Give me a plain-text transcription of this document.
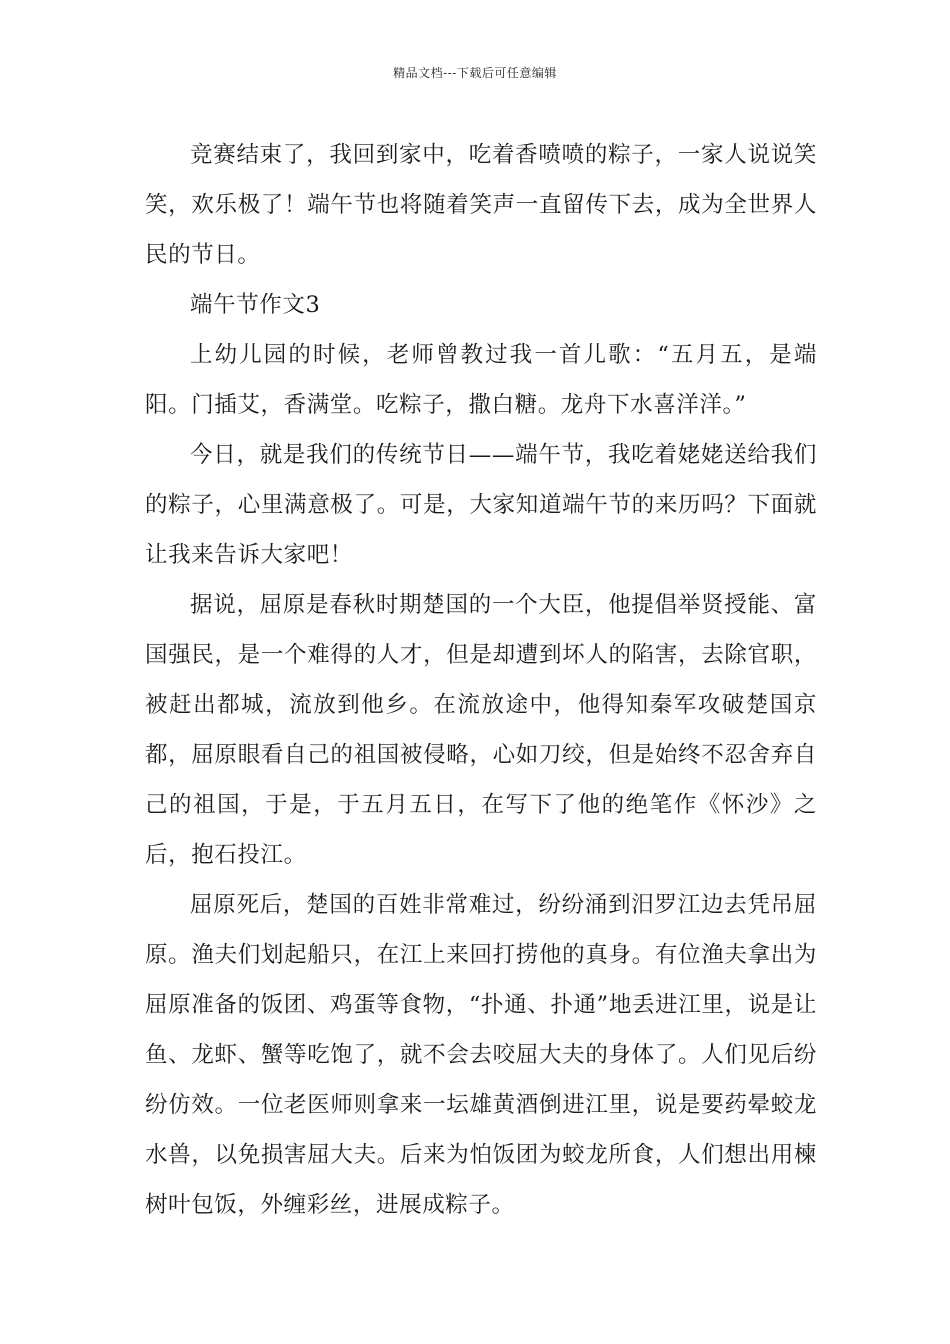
精品文档---下载后可任意编辑

竞赛结束了，我回到家中，吃着香喷喷的粽子，一家人说说笑笑，欢乐极了！端午节也将随着笑声一直留传下去，成为全世界人民的节日。

端午节作文3

上幼儿园的时候，老师曾教过我一首儿歌：“五月五，是端阳。门插艾，香满堂。吃粽子，撒白糖。龙舟下水喜洋洋。”

今日，就是我们的传统节日——端午节，我吃着姥姥送给我们的粽子，心里满意极了。可是，大家知道端午节的来历吗？下面就让我来告诉大家吧！

据说，屈原是春秋时期楚国的一个大臣，他提倡举贤授能、富国强民，是一个难得的人才，但是却遭到坏人的陷害，去除官职，被赶出都城，流放到他乡。在流放途中，他得知秦军攻破楚国京都，屈原眼看自己的祖国被侵略，心如刀绞，但是始终不忍舍弃自己的祖国，于是，于五月五日，在写下了他的绝笔作《怀沙》之后，抱石投江。

屈原死后，楚国的百姓非常难过，纷纷涌到汨罗江边去凭吊屈原。渔夫们划起船只，在江上来回打捞他的真身。有位渔夫拿出为屈原准备的饭团、鸡蛋等食物，“扑通、扑通”地丢进江里，说是让鱼、龙虾、蟹等吃饱了，就不会去咬屈大夫的身体了。人们见后纷纷仿效。一位老医师则拿来一坛雄黄酒倒进江里，说是要药晕蛟龙水兽，以免损害屈大夫。后来为怕饭团为蛟龙所食，人们想出用楝树叶包饭，外缠彩丝，进展成粽子。
